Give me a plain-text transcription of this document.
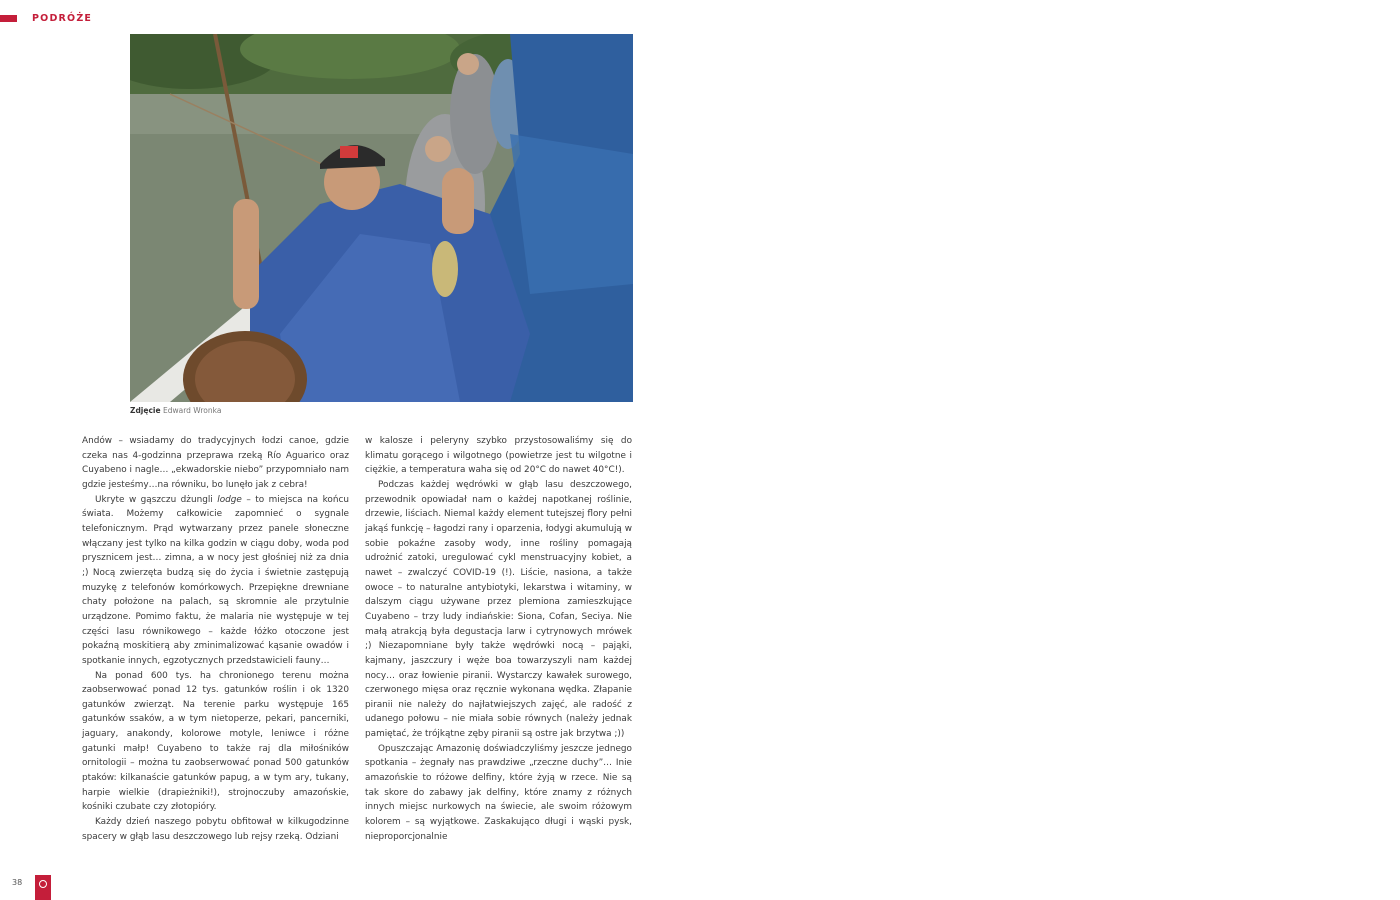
PODRÓŻE
Zdjęcie Edward Wronka

Andów – wsiadamy do tradycyjnych łodzi canoe, gdzie czeka nas 4-godzinna przeprawa rzeką Río Aguarico oraz Cuyabeno i nagle… „ekwadorskie niebo” przypomniało nam gdzie jesteśmy…na równiku, bo lunęło jak z cebra!

Ukryte w gąszczu dżungli lodge – to miejsca na końcu świata. Możemy całkowicie zapomnieć o sygnale telefonicznym. Prąd wytwarzany przez panele słoneczne włączany jest tylko na kilka godzin w ciągu doby, woda pod prysznicem jest… zimna, a w nocy jest głośniej niż za dnia ;) Nocą zwierzęta budzą się do życia i świetnie zastępują muzykę z telefonów komórkowych. Przepiękne drewniane chaty położone na palach, są skromnie ale przytulnie urządzone. Pomimo faktu, że malaria nie występuje w tej części lasu równikowego – każde łóżko otoczone jest pokaźną moskitierą aby zminimalizować kąsanie owadów i spotkanie innych, egzotycznych przedstawicieli fauny…

Na ponad 600 tys. ha chronionego terenu można zaobserwować ponad 12 tys. gatunków roślin i ok 1320 gatunków zwierząt. Na terenie parku występuje 165 gatunków ssaków, a w tym nietoperze, pekari, pancerniki, jaguary, anakondy, kolorowe motyle, leniwce i różne gatunki małp! Cuyabeno to także raj dla miłośników ornitologii – można tu zaobserwować ponad 500 gatunków ptaków: kilkanaście gatunków papug, a w tym ary, tukany, harpie wielkie (drapieżniki!), strojnoczuby amazońskie, kośniki czubate czy złotopióry.

Każdy dzień naszego pobytu obfitował w kilkugodzinne spacery w głąb lasu deszczowego lub rejsy rzeką. Odziani

w kalosze i peleryny szybko przystosowaliśmy się do klimatu gorącego i wilgotnego (powietrze jest tu wilgotne i ciężkie, a temperatura waha się od 20°C do nawet 40°C!).

Podczas każdej wędrówki w głąb lasu deszczowego, przewodnik opowiadał nam o każdej napotkanej roślinie, drzewie, liściach. Niemal każdy element tutejszej flory pełni jakąś funkcję – łagodzi rany i oparzenia, łodygi akumulują w sobie pokaźne zasoby wody, inne rośliny pomagają udrożnić zatoki, uregulować cykl menstruacyjny kobiet, a nawet – zwalczyć COVID-19 (!). Liście, nasiona, a także owoce – to naturalne antybiotyki, lekarstwa i witaminy, w dalszym ciągu używane przez plemiona zamieszkujące Cuyabeno – trzy ludy indiańskie: Siona, Cofan, Seciya. Nie małą atrakcją była degustacja larw i cytrynowych mrówek ;) Niezapomniane były także wędrówki nocą – pająki, kajmany, jaszczury i węże boa towarzyszyli nam każdej nocy… oraz łowienie piranii. Wystarczy kawałek surowego, czerwonego mięsa oraz ręcznie wykonana wędka. Złapanie piranii nie należy do najłatwiejszych zajęć, ale radość z udanego połowu – nie miała sobie równych (należy jednak pamiętać, że trójkątne zęby piranii są ostre jak brzytwa ;))

Opuszczając Amazonię doświadczyliśmy jeszcze jednego spotkania – żegnały nas prawdziwe „rzeczne duchy”… Inie amazońskie to różowe delfiny, które żyją w rzece. Nie są tak skore do zabawy jak delfiny, które znamy z różnych innych miejsc nurkowych na świecie, ale swoim różowym kolorem – są wyjątkowe. Zaskakująco długi i wąski pysk, nieproporcjonalnie

38
